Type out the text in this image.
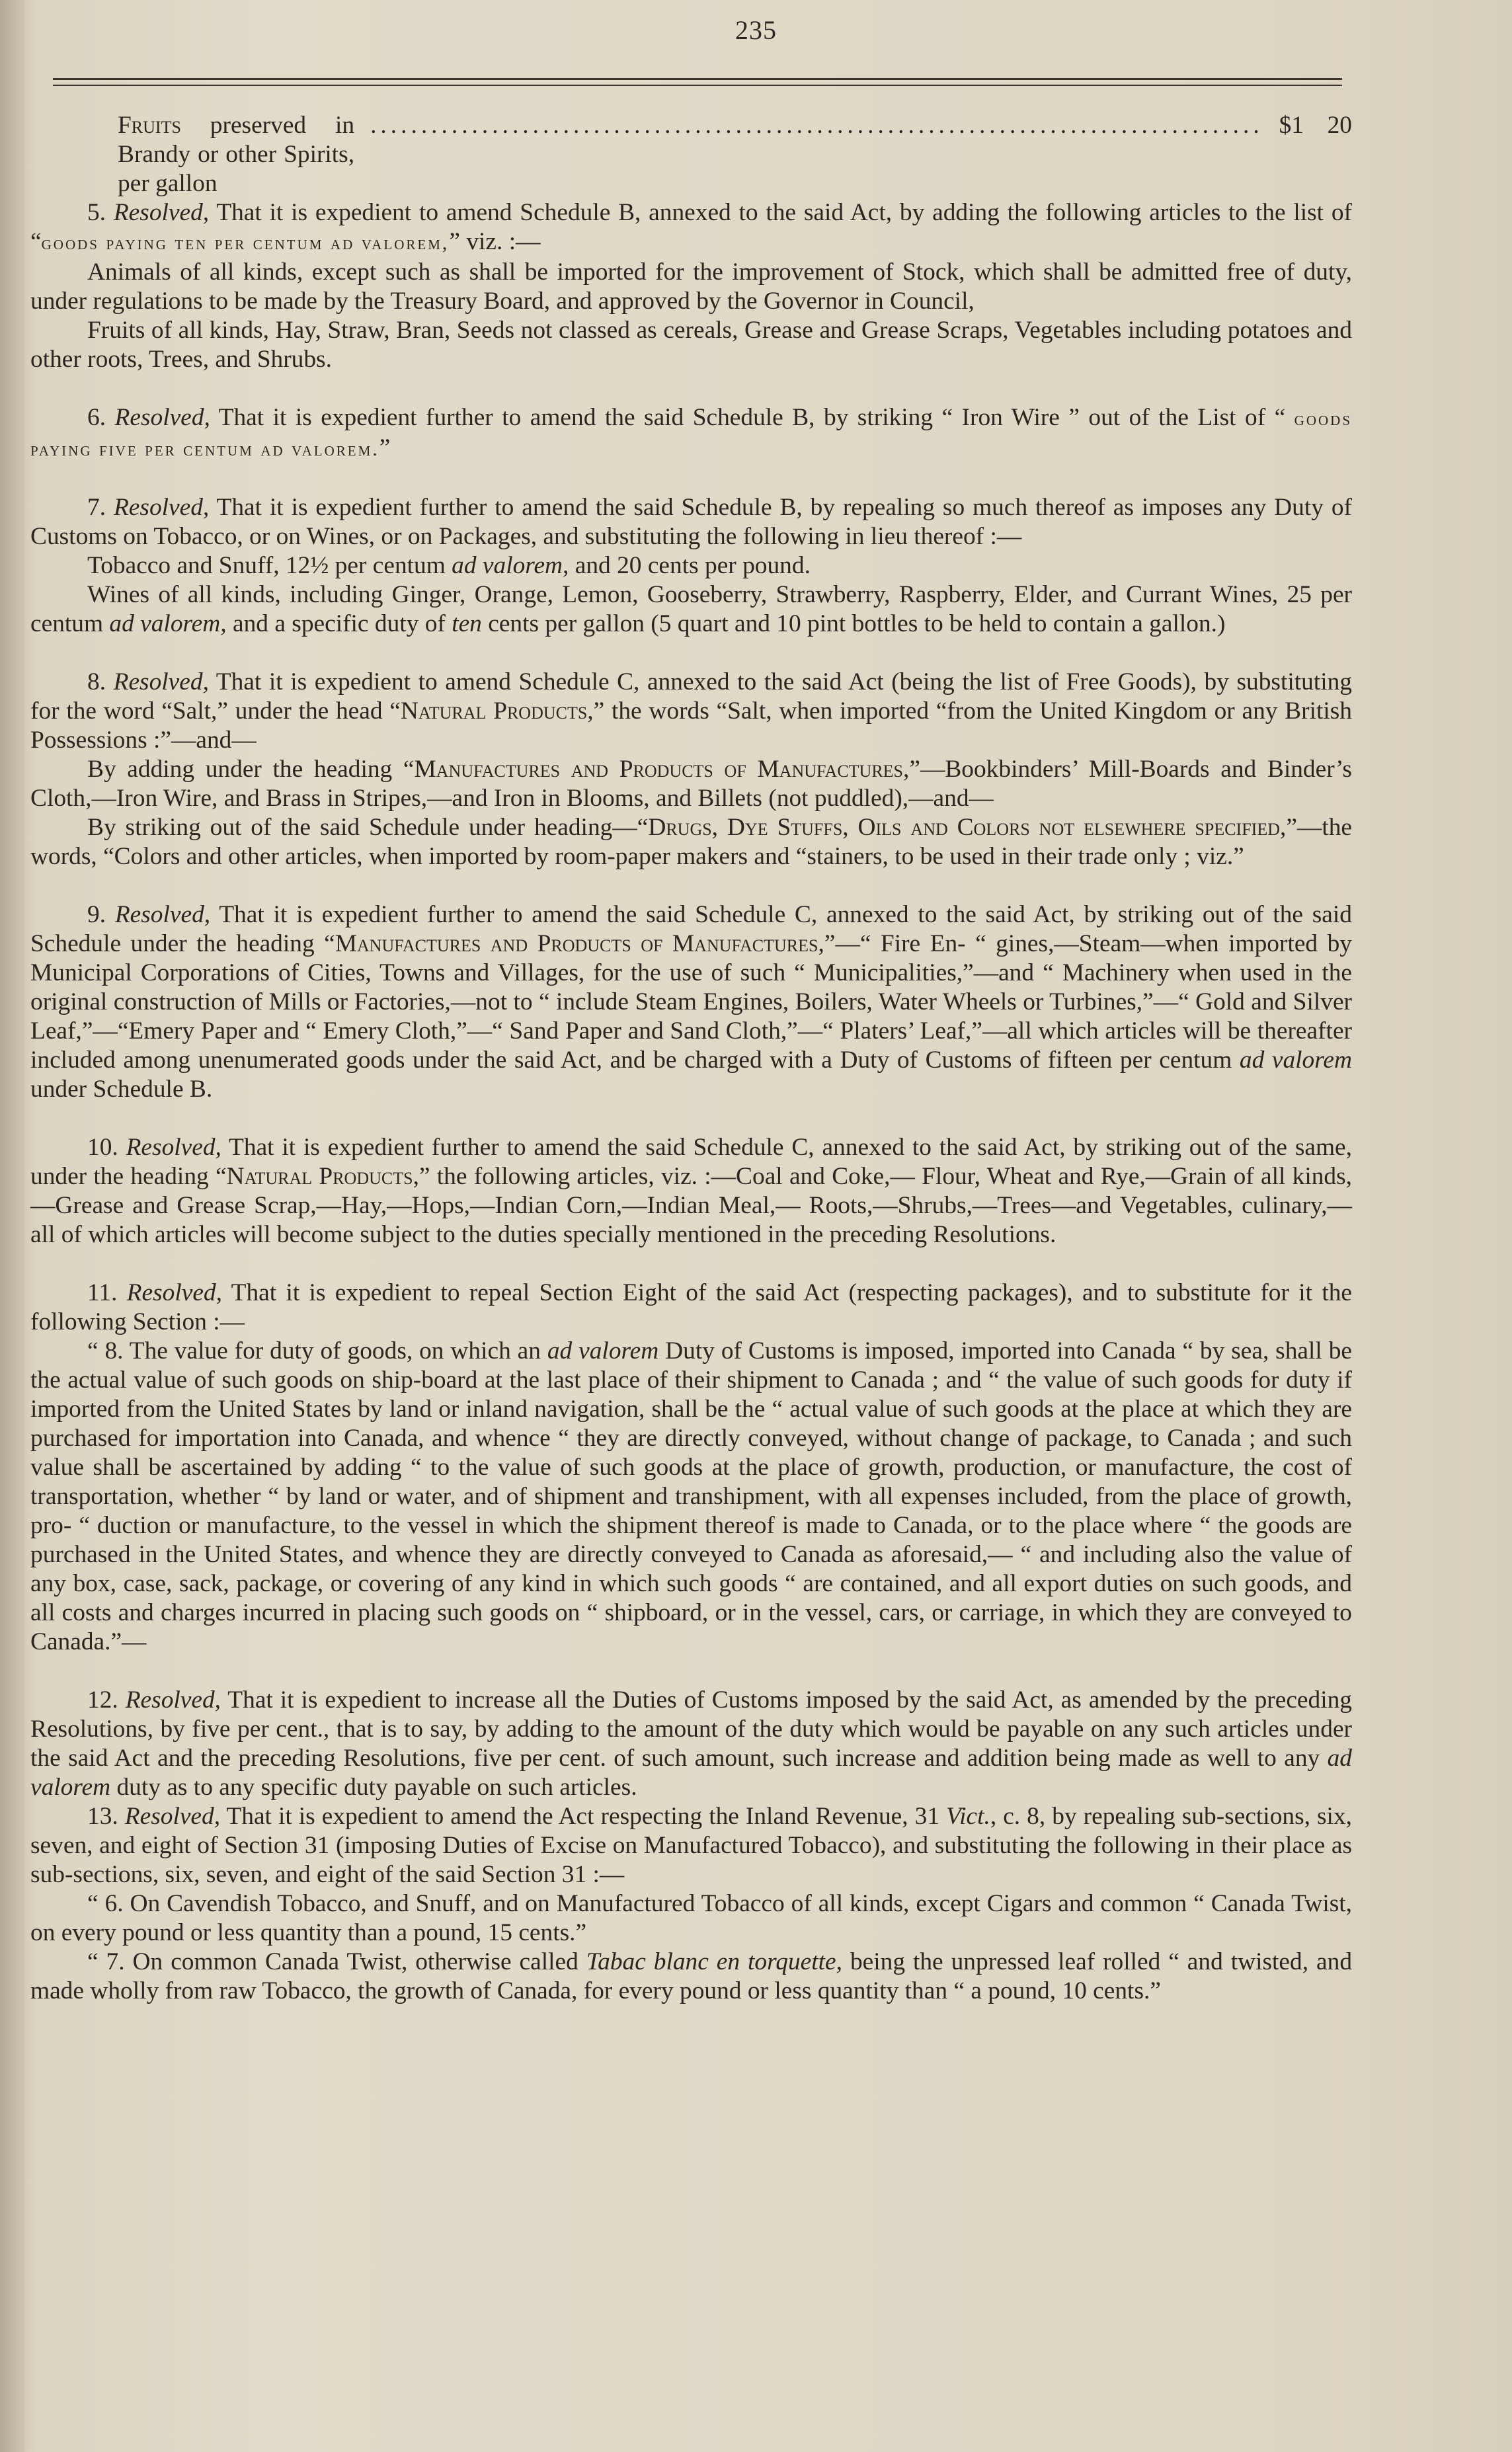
235
Fruits preserved in Brandy or other Spirits, per gallon
........................................................................................ $1 20

5. Resolved, That it is expedient to amend Schedule B, annexed to the said Act, by adding the following articles to the list of “goods paying ten per centum ad valorem,” viz. :—

Animals of all kinds, except such as shall be imported for the improvement of Stock, which shall be admitted free of duty, under regulations to be made by the Treasury Board, and approved by the Governor in Council,

Fruits of all kinds, Hay, Straw, Bran, Seeds not classed as cereals, Grease and Grease Scraps, Vegetables including potatoes and other roots, Trees, and Shrubs.

6. Resolved, That it is expedient further to amend the said Schedule B, by striking “ Iron Wire ” out of the List of “ goods paying five per centum ad valorem.”

7. Resolved, That it is expedient further to amend the said Schedule B, by repealing so much thereof as imposes any Duty of Customs on Tobacco, or on Wines, or on Packages, and substituting the following in lieu thereof :—

Tobacco and Snuff, 12½ per centum ad valorem, and 20 cents per pound.

Wines of all kinds, including Ginger, Orange, Lemon, Gooseberry, Strawberry, Raspberry, Elder, and Currant Wines, 25 per centum ad valorem, and a specific duty of ten cents per gallon (5 quart and 10 pint bottles to be held to contain a gallon.)

8. Resolved, That it is expedient to amend Schedule C, annexed to the said Act (being the list of Free Goods), by substituting for the word “Salt,” under the head “Natural Products,” the words “Salt, when imported “from the United Kingdom or any British Possessions :”—and—

By adding under the heading “Manufactures and Products of Manufactures,”—Bookbinders’ Mill-Boards and Binder’s Cloth,—Iron Wire, and Brass in Stripes,—and Iron in Blooms, and Billets (not puddled),—and—

By striking out of the said Schedule under heading—“Drugs, Dye Stuffs, Oils and Colors not elsewhere specified,”—the words, “Colors and other articles, when imported by room-paper makers and “stainers, to be used in their trade only ; viz.”

9. Resolved, That it is expedient further to amend the said Schedule C, annexed to the said Act, by striking out of the said Schedule under the heading “Manufactures and Products of Manufactures,”—“ Fire En- “ gines,—Steam—when imported by Municipal Corporations of Cities, Towns and Villages, for the use of such “ Municipalities,”—and “ Machinery when used in the original construction of Mills or Factories,—not to “ include Steam Engines, Boilers, Water Wheels or Turbines,”—“ Gold and Silver Leaf,”—“Emery Paper and “ Emery Cloth,”—“ Sand Paper and Sand Cloth,”—“ Platers’ Leaf,”—all which articles will be thereafter included among unenumerated goods under the said Act, and be charged with a Duty of Customs of fifteen per centum ad valorem under Schedule B.

10. Resolved, That it is expedient further to amend the said Schedule C, annexed to the said Act, by striking out of the same, under the heading “Natural Products,” the following articles, viz. :—Coal and Coke,— Flour, Wheat and Rye,—Grain of all kinds,—Grease and Grease Scrap,—Hay,—Hops,—Indian Corn,—Indian Meal,— Roots,—Shrubs,—Trees—and Vegetables, culinary,—all of which articles will become subject to the duties specially mentioned in the preceding Resolutions.

11. Resolved, That it is expedient to repeal Section Eight of the said Act (respecting packages), and to substitute for it the following Section :—

“ 8. The value for duty of goods, on which an ad valorem Duty of Customs is imposed, imported into Canada “ by sea, shall be the actual value of such goods on ship-board at the last place of their shipment to Canada ; and “ the value of such goods for duty if imported from the United States by land or inland navigation, shall be the “ actual value of such goods at the place at which they are purchased for importation into Canada, and whence “ they are directly conveyed, without change of package, to Canada ; and such value shall be ascertained by adding “ to the value of such goods at the place of growth, production, or manufacture, the cost of transportation, whether “ by land or water, and of shipment and transhipment, with all expenses included, from the place of growth, pro- “ duction or manufacture, to the vessel in which the shipment thereof is made to Canada, or to the place where “ the goods are purchased in the United States, and whence they are directly conveyed to Canada as aforesaid,— “ and including also the value of any box, case, sack, package, or covering of any kind in which such goods “ are contained, and all export duties on such goods, and all costs and charges incurred in placing such goods on “ shipboard, or in the vessel, cars, or carriage, in which they are conveyed to Canada.”—

12. Resolved, That it is expedient to increase all the Duties of Customs imposed by the said Act, as amended by the preceding Resolutions, by five per cent., that is to say, by adding to the amount of the duty which would be payable on any such articles under the said Act and the preceding Resolutions, five per cent. of such amount, such increase and addition being made as well to any ad valorem duty as to any specific duty payable on such articles.

13. Resolved, That it is expedient to amend the Act respecting the Inland Revenue, 31 Vict., c. 8, by repealing sub-sections, six, seven, and eight of Section 31 (imposing Duties of Excise on Manufactured Tobacco), and substituting the following in their place as sub-sections, six, seven, and eight of the said Section 31 :—

“ 6. On Cavendish Tobacco, and Snuff, and on Manufactured Tobacco of all kinds, except Cigars and common “ Canada Twist, on every pound or less quantity than a pound, 15 cents.”

“ 7. On common Canada Twist, otherwise called Tabac blanc en torquette, being the unpressed leaf rolled “ and twisted, and made wholly from raw Tobacco, the growth of Canada, for every pound or less quantity than “ a pound, 10 cents.”
